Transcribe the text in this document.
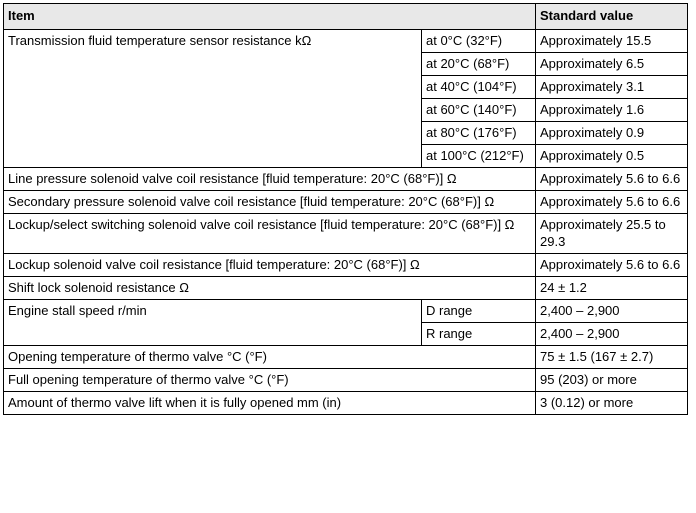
Item		Standard value
Transmission fluid temperature sensor resistance kΩ	at 0°C (32°F)	Approximately 15.5
	at 20°C (68°F)	Approximately 6.5
	at 40°C (104°F)	Approximately 3.1
	at 60°C (140°F)	Approximately 1.6
	at 80°C (176°F)	Approximately 0.9
	at 100°C (212°F)	Approximately 0.5
Line pressure solenoid valve coil resistance [fluid temperature: 20°C (68°F)] Ω		Approximately 5.6 to 6.6
Secondary pressure solenoid valve coil resistance [fluid temperature: 20°C (68°F)] Ω		Approximately 5.6 to 6.6
Lockup/select switching solenoid valve coil resistance [fluid temperature: 20°C (68°F)] Ω		Approximately 25.5 to 29.3
Lockup solenoid valve coil resistance [fluid temperature: 20°C (68°F)] Ω		Approximately 5.6 to 6.6
Shift lock solenoid resistance Ω		24 ± 1.2
Engine stall speed r/min	D range	2,400 – 2,900
	R range	2,400 – 2,900
Opening temperature of thermo valve °C (°F)		75 ± 1.5 (167 ± 2.7)
Full opening temperature of thermo valve °C (°F)		95 (203) or more
Amount of thermo valve lift when it is fully opened mm (in)		3 (0.12) or more
